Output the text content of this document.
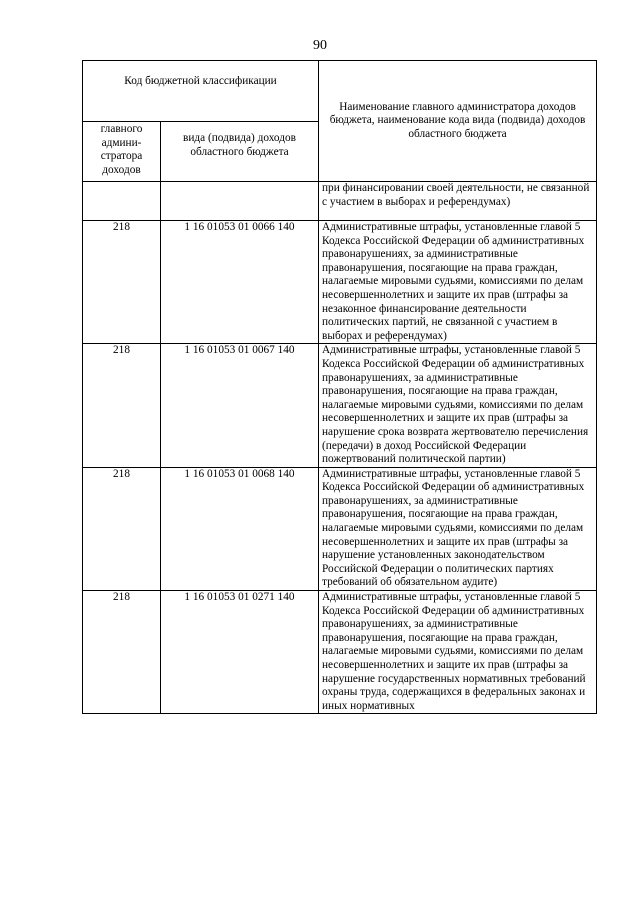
90
Код бюджетной классификации		Наименование главного администратора доходов бюджета, наименование кода вида (подвида) доходов областного бюджета
главного админи-стратора доходов	вида (подвида) доходов областного бюджета	
		при финансировании своей деятельности, не связанной с участием в выборах и референдумах)
218	1 16 01053 01 0066 140	Административные штрафы, установленные главой 5 Кодекса Российской Федерации об административных правонарушениях, за административные правонарушения, посягающие на права граждан, налагаемые мировыми судьями, комиссиями по делам несовершеннолетних и защите их прав (штрафы за незаконное финансирование деятельности политических партий, не связанной с участием в выборах и референдумах)
218	1 16 01053 01 0067 140	Административные штрафы, установленные главой 5 Кодекса Российской Федерации об административных правонарушениях, за административные правонарушения, посягающие на права граждан, налагаемые мировыми судьями, комиссиями по делам несовершеннолетних и защите их прав (штрафы за нарушение срока возврата жертвователю перечисления (передачи) в доход Российской Федерации пожертвований политической партии)
218	1 16 01053 01 0068 140	Административные штрафы, установленные главой 5 Кодекса Российской Федерации об административных правонарушениях, за административные правонарушения, посягающие на права граждан, налагаемые мировыми судьями, комиссиями по делам несовершеннолетних и защите их прав (штрафы за нарушение установленных законодательством Российской Федерации о политических партиях требований об обязательном аудите)
218	1 16 01053 01 0271 140	Административные штрафы, установленные главой 5 Кодекса Российской Федерации об административных правонарушениях, за административные правонарушения, посягающие на права граждан, налагаемые мировыми судьями, комиссиями по делам несовершеннолетних и защите их прав (штрафы за нарушение государственных нормативных требований охраны труда, содержащихся в федеральных законах и иных нормативных
